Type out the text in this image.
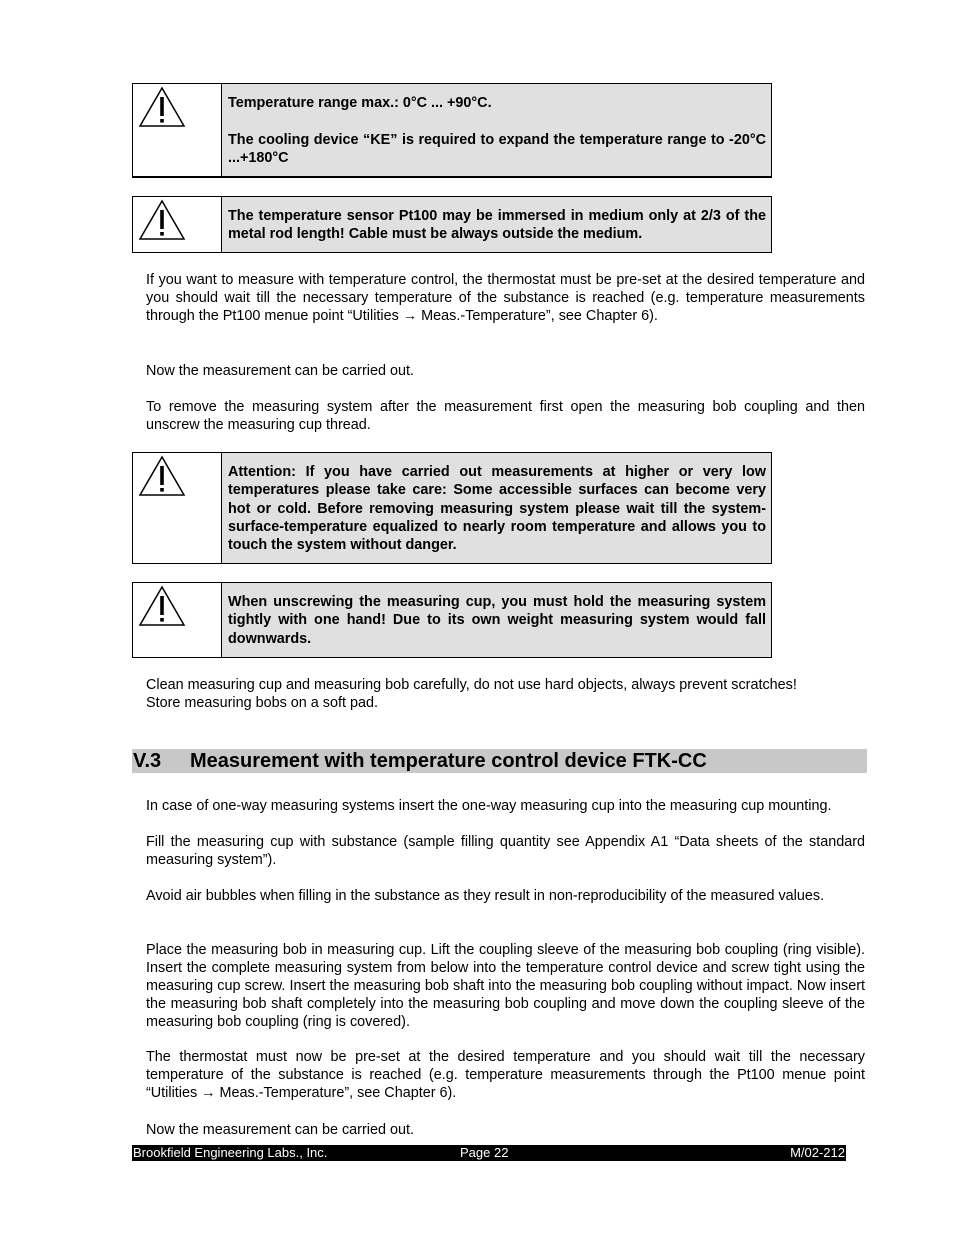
Temperature range max.: 0°C ... +90°C.

The cooling device “KE” is required to expand the temperature range to -20°C ...+180°C

The temperature sensor Pt100 may be immersed in medium only at 2/3 of the metal rod length! Cable must be always outside the medium.

If you want to measure with temperature control, the thermostat must be pre-set at the desired temperature and you should wait till the necessary temperature of the substance is reached (e.g. temperature measurements through the Pt100 menue point “Utilities → Meas.-Temperature”, see Chapter 6).

Now the measurement can be carried out.

To remove the measuring system after the measurement first open the measuring bob coupling and then unscrew the measuring cup thread.

Attention: If you have carried out measurements at higher or very low temperatures please take care: Some accessible surfaces can become very hot or cold. Before removing measuring system please wait till the system-surface-temperature equalized to nearly room temperature and allows you to touch the system without danger.

When unscrewing the measuring cup, you must hold the measuring system tightly with one hand! Due to its own weight measuring system would fall downwards.

Clean measuring cup and measuring bob carefully, do not use hard objects, always prevent scratches!

Store measuring bobs on a soft pad.

V.3	Measurement with temperature control device FTK-CC

In case of one-way measuring systems insert the one-way measuring cup into the measuring cup mounting.

Fill the measuring cup with substance (sample filling quantity see Appendix A1 “Data sheets of the standard measuring system”).

Avoid air bubbles when filling in the substance as they result in non-reproducibility of the measured values.

Place the measuring bob in measuring cup. Lift the coupling sleeve of the measuring bob coupling (ring visible). Insert the complete measuring system from below into the temperature control device and screw tight using the measuring cup screw. Insert the measuring bob shaft into the measuring bob coupling without impact. Now insert the measuring bob shaft completely into the measuring bob coupling and move down the coupling sleeve of the measuring bob coupling (ring is covered).

The thermostat must now be pre-set at the desired temperature and you should wait till the necessary temperature of the substance is reached (e.g. temperature measurements through the Pt100 menue point “Utilities → Meas.-Temperature”, see Chapter 6).

Now the measurement can be carried out.

Brookfield Engineering Labs., Inc.	Page 22	M/02-212
